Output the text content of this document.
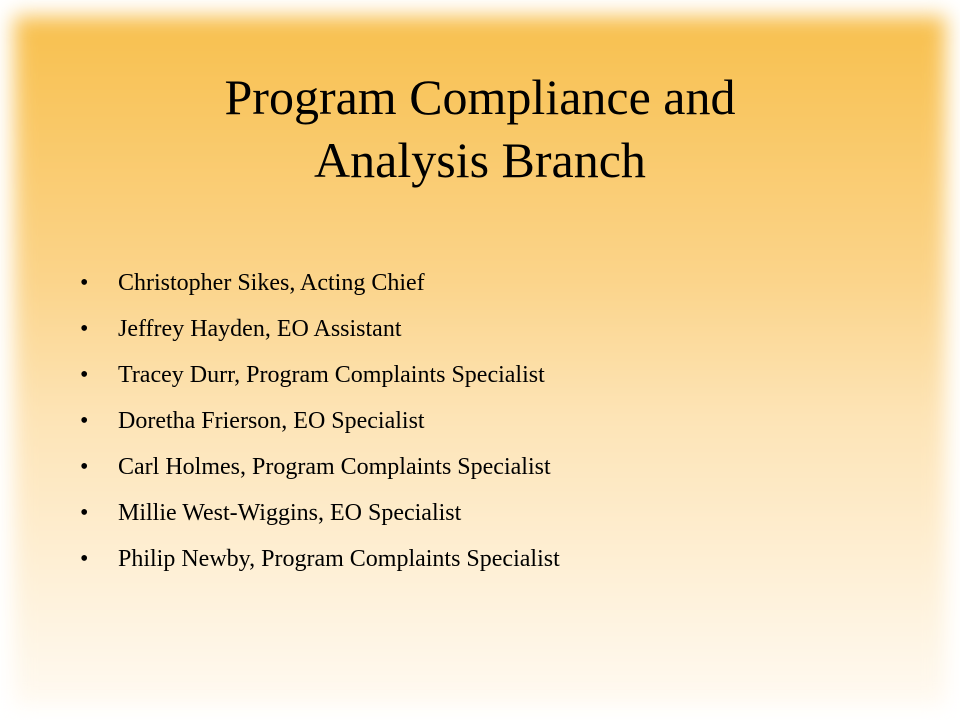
Program Compliance and
Analysis Branch
• Christopher Sikes, Acting Chief
• Jeffrey Hayden, EO Assistant
• Tracey Durr, Program Complaints Specialist
• Doretha Frierson, EO Specialist
• Carl Holmes, Program Complaints Specialist
• Millie West-Wiggins, EO Specialist
• Philip Newby, Program Complaints Specialist
